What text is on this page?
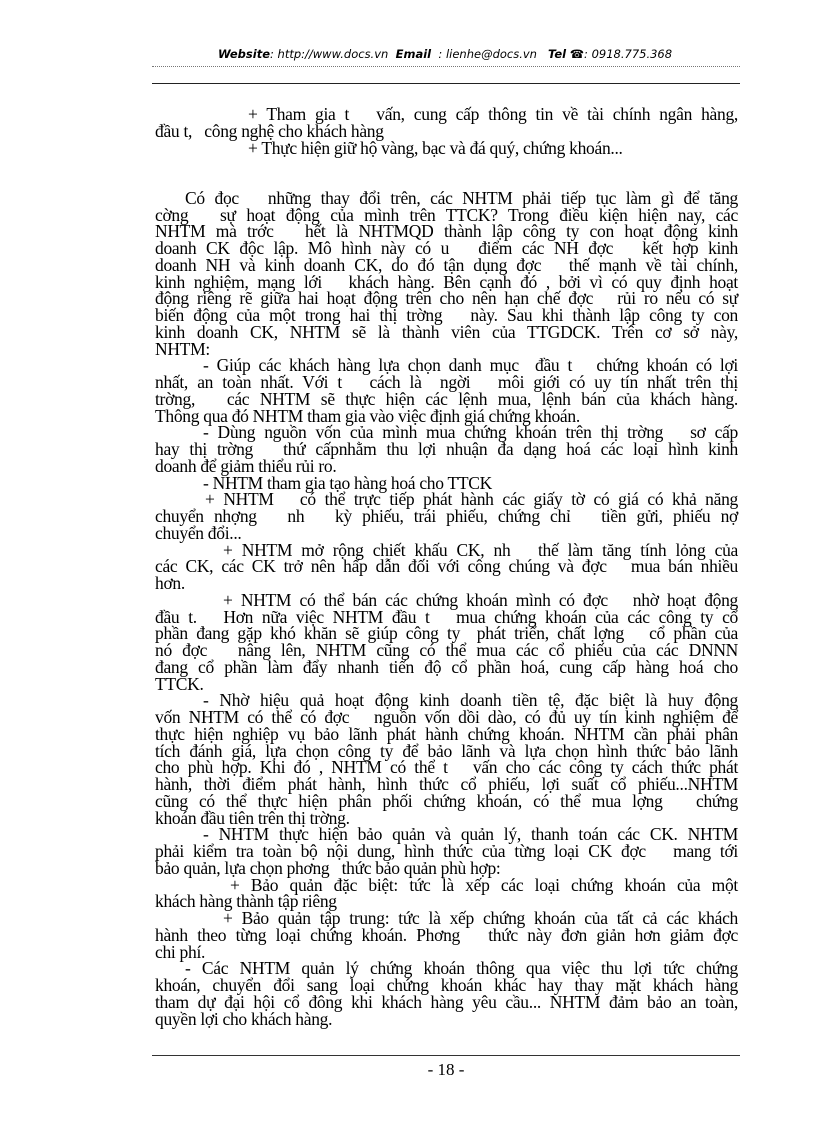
Website: http://www.docs.vn Email : lienhe@docs.vn Tel ☎: 0918.775.368
+ Tham gia t   vấn, cung cấp thông tin về tài chính ngân hàng,
đầu t,   công nghệ cho khách hàng
+ Thực hiện giữ hộ vàng, bạc và đá quý, chứng khoán...
Có đọc   những thay đổi trên, các NHTM phải tiếp tục làm gì để tăng
cờng   sự hoạt động của mình trên TTCK? Trong điều kiện hiện nay, các
NHTM mà trớc   hết là NHTMQD thành lập công ty con hoạt động kinh
doanh CK độc lập. Mô hình này có u   điểm các NH đợc   kết hợp kinh
doanh NH và kinh doanh CK, do đó tận dụng đợc   thế mạnh về tài chính,
kinh nghiệm, mạng lới   khách hàng. Bên cạnh đó , bởi vì có quy định hoạt
động riêng rẽ giữa hai hoạt động trên cho nên hạn chế đợc   rủi ro nếu có sự
biến động của một trong hai thị trờng   này. Sau khi thành lập công ty con
kinh doanh CK, NHTM sẽ là thành viên của TTGDCK. Trên cơ sở này,
NHTM:
- Giúp các khách hàng lựa chọn danh mục  đầu t   chứng khoán có lợi
nhất, an toàn nhất. Với t   cách là  ngời   môi giới có uy tín nhất trên thị
trờng,   các NHTM sẽ thực hiện các lệnh mua, lệnh bán của khách hàng.
Thông qua đó NHTM tham gia vào việc định giá chứng khoán.
- Dùng nguồn vốn của mình mua chứng khoán trên thị trờng   sơ cấp
hay thị trờng   thứ cấpnhằm thu lợi nhuận đa dạng hoá các loại hình kinh
doanh để giảm thiểu rủi ro.
- NHTM tham gia tạo hàng hoá cho TTCK
+ NHTM   có thể trực tiếp phát hành các giấy tờ có giá có khả năng
chuyển nhợng   nh   kỳ phiếu, trái phiếu, chứng chỉ   tiền gửi, phiếu nợ
chuyển đổi...
+ NHTM mở rộng chiết khấu CK, nh   thế làm tăng tính lỏng của
các CK, các CK trở nên hấp dẫn đối với công chúng và đợc   mua bán nhiều
hơn.
+ NHTM có thể bán các chứng khoán mình có đợc   nhờ hoạt động
đầu t.   Hơn nữa việc NHTM đầu t   mua chứng khoán của các công ty cổ
phần đang gặp khó khăn sẽ giúp công ty  phát triển, chất lợng   cổ phần của
nó đợc   nâng lên, NHTM cũng có thể mua các cổ phiếu của các DNNN
đang cổ phần làm đẩy nhanh tiến độ cổ phần hoá, cung cấp hàng hoá cho
TTCK.
- Nhờ hiệu quả hoạt động kinh doanh tiền tệ, đặc biệt là huy động
vốn NHTM có thể có đợc   nguồn vốn dồi dào, có đủ uy tín kinh nghiệm để
thực hiện nghiệp vụ bảo lãnh phát hành chứng khoán. NHTM cần phải phân
tích đánh giá, lựa chọn công ty để bảo lãnh và lựa chọn hình thức bảo lãnh
cho phù hợp. Khi đó , NHTM có thể t   vấn cho các công ty cách thức phát
hành, thời điểm phát hành, hình thức cổ phiếu, lợi suất cổ phiếu...NHTM
cũng có thể thực hiện phân phối chứng khoán, có thể mua lợng   chứng
khoán đầu tiên trên thị trờng.
- NHTM thực hiện bảo quản và quản lý, thanh toán các CK. NHTM
phải kiểm tra toàn bộ nội dung, hình thức của từng loại CK đợc   mang tới
bảo quản, lựa chọn phơng   thức bảo quản phù hợp:
+ Bảo quản đặc biệt: tức là xếp các loại chứng khoán của một
khách hàng thành tập riêng
+ Bảo quản tập trung: tức là xếp chứng khoán của tất cả các khách
hành theo từng loại chứng khoán. Phơng   thức này đơn giản hơn giảm đợc
chi phí.
- Các NHTM quản lý chứng khoán thông qua việc thu lợi tức chứng
khoán, chuyển đổi sang loại chứng khoán khác hay thay mặt khách hàng
tham dự đại hội cổ đông khi khách hàng yêu cầu... NHTM đảm bảo an toàn,
quyền lợi cho khách hàng.
- 18 -
